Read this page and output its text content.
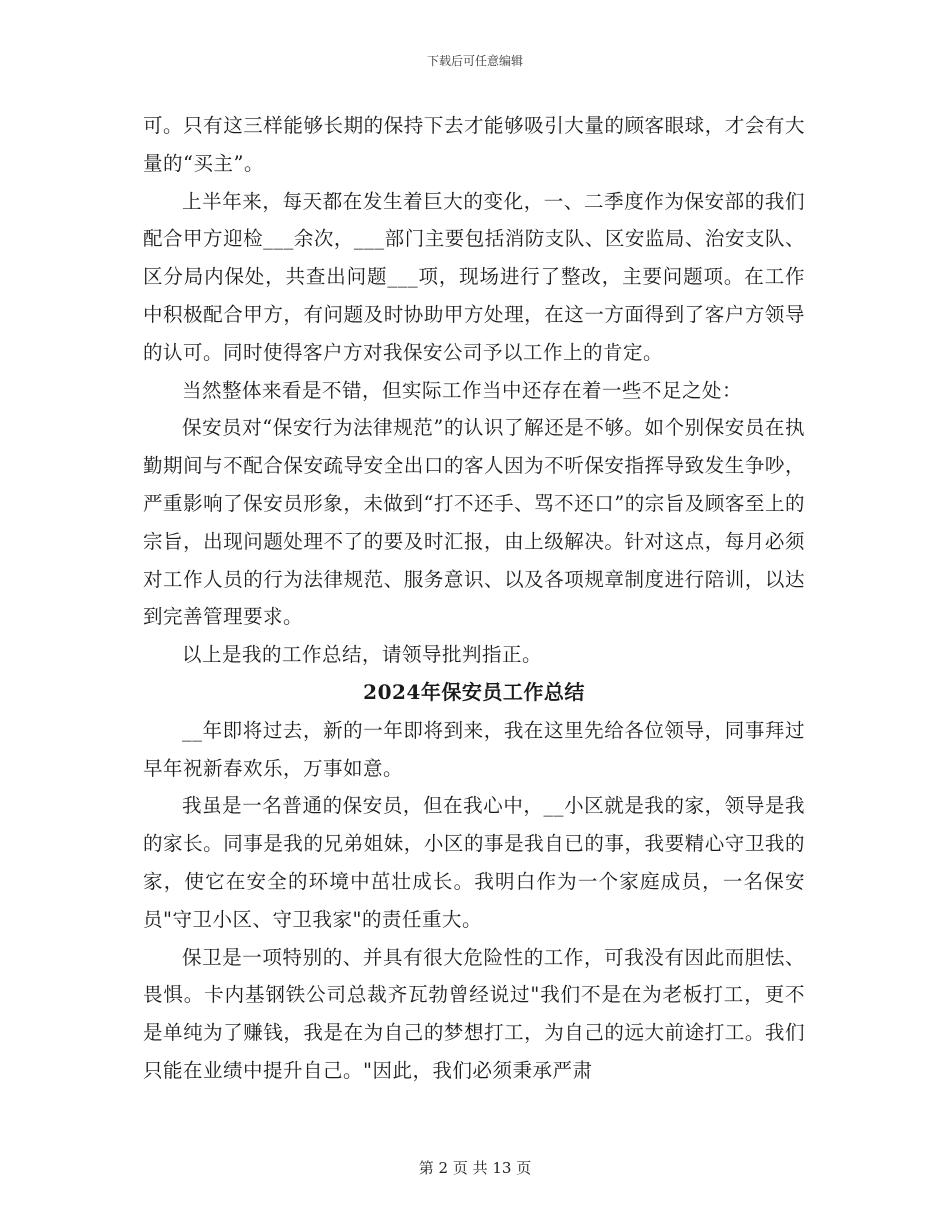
下载后可任意编辑

可。只有这三样能够长期的保持下去才能够吸引大量的顾客眼球，才会有大量的“买主”。

上半年来，每天都在发生着巨大的变化，一、二季度作为保安部的我们配合甲方迎检___余次，___部门主要包括消防支队、区安监局、治安支队、区分局内保处，共查出问题___项，现场进行了整改，主要问题项。在工作中积极配合甲方，有问题及时协助甲方处理，在这一方面得到了客户方领导的认可。同时使得客户方对我保安公司予以工作上的肯定。

当然整体来看是不错，但实际工作当中还存在着一些不足之处：

保安员对“保安行为法律规范”的认识了解还是不够。如个别保安员在执勤期间与不配合保安疏导安全出口的客人因为不听保安指挥导致发生争吵，严重影响了保安员形象，未做到“打不还手、骂不还口”的宗旨及顾客至上的宗旨，出现问题处理不了的要及时汇报，由上级解决。针对这点，每月必须对工作人员的行为法律规范、服务意识、以及各项规章制度进行陪训，以达到完善管理要求。

以上是我的工作总结，请领导批判指正。

2024年保安员工作总结

__年即将过去，新的一年即将到来，我在这里先给各位领导，同事拜过早年祝新春欢乐，万事如意。

我虽是一名普通的保安员，但在我心中，__小区就是我的家，领导是我的家长。同事是我的兄弟姐妹，小区的事是我自已的事，我要精心守卫我的家，使它在安全的环境中茁壮成长。我明白作为一个家庭成员，一名保安员"守卫小区、守卫我家"的责任重大。

保卫是一项特别的、并具有很大危险性的工作，可我没有因此而胆怯、畏惧。卡内基钢铁公司总裁齐瓦勃曾经说过"我们不是在为老板打工，更不是单纯为了赚钱，我是在为自己的梦想打工，为自己的远大前途打工。我们只能在业绩中提升自己。"因此，我们必须秉承严肃

第 2 页 共 13 页
